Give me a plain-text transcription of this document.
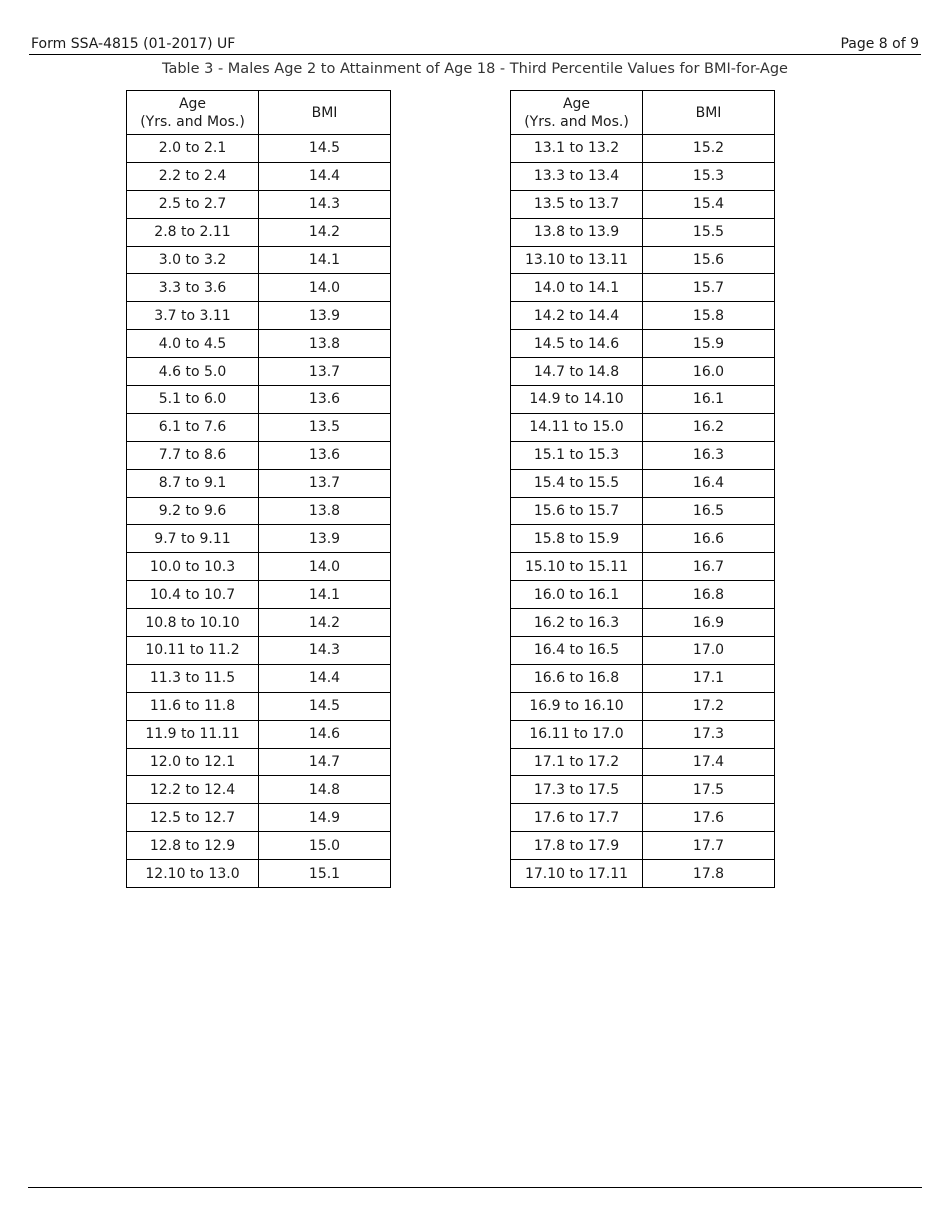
Form SSA-4815 (01-2017) UF	Page 8 of 9
Table 3 - Males Age 2 to Attainment of Age 18 - Third Percentile Values for BMI-for-Age
Age
(Yrs. and Mos.)	BMI
2.0 to 2.1	14.5
2.2 to 2.4	14.4
2.5 to 2.7	14.3
2.8 to 2.11	14.2
3.0 to 3.2	14.1
3.3 to 3.6	14.0
3.7 to 3.11	13.9
4.0 to 4.5	13.8
4.6 to 5.0	13.7
5.1 to 6.0	13.6
6.1 to 7.6	13.5
7.7 to 8.6	13.6
8.7 to 9.1	13.7
9.2 to 9.6	13.8
9.7 to 9.11	13.9
10.0 to 10.3	14.0
10.4 to 10.7	14.1
10.8 to 10.10	14.2
10.11 to 11.2	14.3
11.3 to 11.5	14.4
11.6 to 11.8	14.5
11.9 to 11.11	14.6
12.0 to 12.1	14.7
12.2 to 12.4	14.8
12.5 to 12.7	14.9
12.8 to 12.9	15.0
12.10 to 13.0	15.1
Age
(Yrs. and Mos.)	BMI
13.1 to 13.2	15.2
13.3 to 13.4	15.3
13.5 to 13.7	15.4
13.8 to 13.9	15.5
13.10 to 13.11	15.6
14.0 to 14.1	15.7
14.2 to 14.4	15.8
14.5 to 14.6	15.9
14.7 to 14.8	16.0
14.9 to 14.10	16.1
14.11 to 15.0	16.2
15.1 to 15.3	16.3
15.4 to 15.5	16.4
15.6 to 15.7	16.5
15.8 to 15.9	16.6
15.10 to 15.11	16.7
16.0 to 16.1	16.8
16.2 to 16.3	16.9
16.4 to 16.5	17.0
16.6 to 16.8	17.1
16.9 to 16.10	17.2
16.11 to 17.0	17.3
17.1 to 17.2	17.4
17.3 to 17.5	17.5
17.6 to 17.7	17.6
17.8 to 17.9	17.7
17.10 to 17.11	17.8
